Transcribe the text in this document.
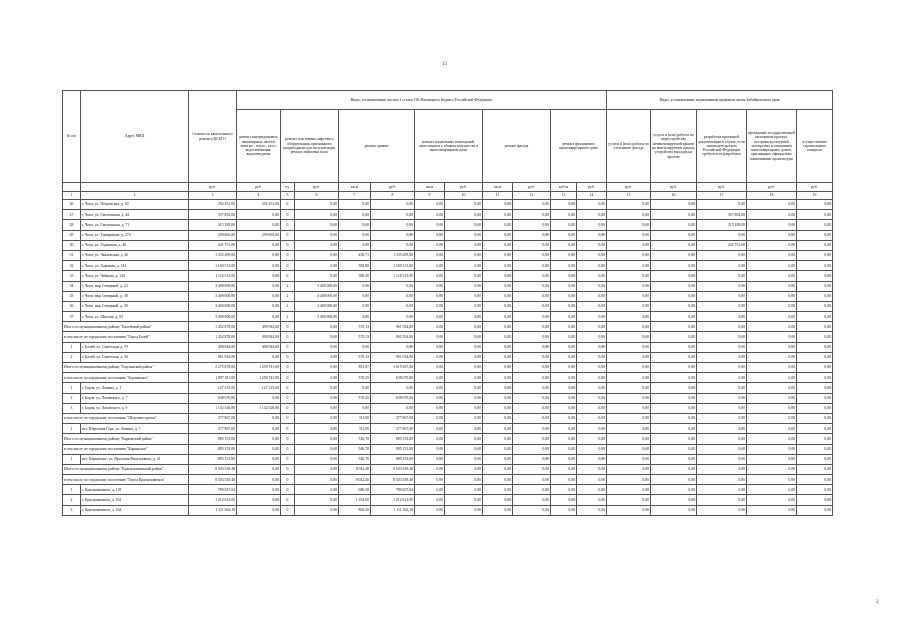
13
№ п/п	Адрес МКД	Стоимость капитального ремонта ВСЕГО	Виды, установленные частью 1 статьи 166 Жилищного Кодекса Российской Федерации											Виды, установленные нормативным правовым актом Забайкальского края				
			ремонт внутридомовых инженерных систем электро-, тепло-, газо-, водоснабжения, водоотведения	ремонт или замена лифтового оборудования, признанного непригодным для эксплуатации, ремонт лифтовых шахт		ремонт крыши		ремонт подвальных помещений, относящихся к общему имуществу в многоквартирном доме		ремонт фасада		ремонт фундамента многоквартирного дома		услуги и (или) работы по утеплению фасада	услуги и (или) работы по переустройству невентилируемой крыши на вентилируемую крышу, устройство выходов на кровлю	разработка проектной документации в случае, если законодательством Российской Федерации требуется ее разработка	проведение государственной экспертизы проекта, историко-культурной экспертизы в отношении многоквартирных домов, признанных официально памятниками архитектуры	осуществление строительного контроля
		руб.	руб.	ед.	руб.	кв.м	руб.	кв.м	руб.	кв.м	руб.	куб.м	руб.	руб.	руб.	руб.	руб.	руб.
1	2	3	4	5	6	7	8	9	10	11	12	13	14	15	16	17	18	19
26	г. Чита, ул. Петровская, д. 40	292 251,00	292 251,00	0	0,00	0,00	0,00	0,00	0,00	0,00	0,00	0,00	0,00	0,00	0,00	0,00	0,00	0,00
27	г. Чита, ул. Смоленская, д. 44	357 892,00	0,00	0	0,00	0,00	0,00	0,00	0,00	0,00	0,00	0,00	0,00	0,00	0,00	357 892,00	0,00	0,00
28	г. Чита, ул. Смоленская, д. 71	315 189,00	0,00	0	0,00	0,00	0,00	0,00	0,00	0,00	0,00	0,00	0,00	0,00	0,00	315 189,00	0,00	0,00
29	г. Чита, ул. Тимирязева, д. 27б	290 665,00	290 665,00	0	0,00	0,00	0,00	0,00	0,00	0,00	0,00	0,00	0,00	0,00	0,00	0,00	0,00	0,00
30	г. Чита, ул. Угданская, д. 40	241 751,00	0,00	0	0,00	0,00	0,00	0,00	0,00	0,00	0,00	0,00	0,00	0,00	0,00	241 751,00	0,00	0,00
31	г. Чита, ул. Чкаловская, д. 40	1 335 209,00	0,00	0	0,00	450,71	1 335 209,00	0,00	0,00	0,00	0,00	0,00	0,00	0,00	0,00	0,00	0,00	0,00
32	г. Чита, ул. Хорошая, д. 143	1 169 513,00	0,00	0	0,00	583,80	1 169 513,00	0,00	0,00	0,00	0,00	0,00	0,00	0,00	0,00	0,00	0,00	0,00
33	г. Чита, ул. Чайкова, д. 145	1 116 513,00	0,00	0	0,00	580,30	1 116 513,00	0,00	0,00	0,00	0,00	0,00	0,00	0,00	0,00	0,00	0,00	0,00
34	г. Чита, мкр Северный, д. 23	3 400 000,00	0,00	2	3 400 000,00	0,00	0,00	0,00	0,00	0,00	0,00	0,00	0,00	0,00	0,00	0,00	0,00	0,00
35	г. Чита, мкр Северный, д. 38	3 400 000,00	0,00	2	3 400 000,00	0,00	0,00	0,00	0,00	0,00	0,00	0,00	0,00	0,00	0,00	0,00	0,00	0,00
36	г. Чита, мкр Северный, д. 39	3 400 000,00	0,00	2	3 400 000,00	0,00	0,00	0,00	0,00	0,00	0,00	0,00	0,00	0,00	0,00	0,00	0,00	0,00
37	г. Чита, ул. Шилова, д. 93	3 400 000,00	0,00	2	3 400 000,00	0,00	0,00	0,00	0,00	0,00	0,00	0,00	0,00	0,00	0,00	0,00	0,00	0,00
Итого по муниципальному району "Балейский район"		1 452 878,00	490 944,00	0	0,00	570,13	961 934,00	0,00	0,00	0,00	0,00	0,00	0,00	0,00	0,00	0,00	0,00	0,00
в том числе по городскому поселению "Город Балей"		1 452 878,00	490 944,00	0	0,00	570,13	961 934,00	0,00	0,00	0,00	0,00	0,00	0,00	0,00	0,00	0,00	0,00	0,00
1	г. Балей, ул. Советская, д. 55	490 944,00	490 944,00	0	0,00	0,00	0,00	0,00	0,00	0,00	0,00	0,00	0,00	0,00	0,00	0,00	0,00	0,00
2	г. Балей, ул. Советская, д. 56	961 934,00	0,00	0	0,00	570,13	961 934,00	0,00	0,00	0,00	0,00	0,00	0,00	0,00	0,00	0,00	0,00	0,00
Итого по муниципальному району "Борзинский район"		2 275 678,00	1 259 741,00	0	0,00	881,87	1 015 937,00	0,00	0,00	0,00	0,00	0,00	0,00	0,00	0,00	0,00	0,00	0,00
в том числе по городскому поселению "Борзинское"		1 897 811,00	1 259 741,00	0	0,00	570,25	638 070,00	0,00	0,00	0,00	0,00	0,00	0,00	0,00	0,00	0,00	0,00	0,00
1	г. Борзя, ул. Ленина, д. 1	127 215,00	127 215,00	0	0,00	0,00	0,00	0,00	0,00	0,00	0,00	0,00	0,00	0,00	0,00	0,00	0,00	0,00
2	г. Борзя, ул. Лазовского, д. 7	638 070,00	0,00	0	0,00	570,25	638 070,00	0,00	0,00	0,00	0,00	0,00	0,00	0,00	0,00	0,00	0,00	0,00
3	г. Борзя, ул. Лазовского, д. 9	1 132 526,00	1 132 526,00	0	0,00	0,00	0,00	0,00	0,00	0,00	0,00	0,00	0,00	0,00	0,00	0,00	0,00	0,00
в том числе по городскому поселению "Шерловогорское"		377 867,00	0,00	0	0,00	311,00	377 867,00	0,00	0,00	0,00	0,00	0,00	0,00	0,00	0,00	0,00	0,00	0,00
1	пгт. Шерловая Гора, ул. Ленина, д. 7	377 867,00	0,00	0	0,00	311,00	377 867,00	0,00	0,00	0,00	0,00	0,00	0,00	0,00	0,00	0,00	0,00	0,00
Итого по муниципальному району "Карымский район"		885 153,00	0,00	0	0,00	546,70	885 153,00	0,00	0,00	0,00	0,00	0,00	0,00	0,00	0,00	0,00	0,00	0,00
в том числе по городскому поселению "Карымское"		885 153,00	0,00	0	0,00	546,70	885 153,00	0,00	0,00	0,00	0,00	0,00	0,00	0,00	0,00	0,00	0,00	0,00
1	пгт. Карымское, ул. Ярослава Васильевича, д. 21	885 153,00	0,00	0	0,00	546,70	885 153,00	0,00	0,00	0,00	0,00	0,00	0,00	0,00	0,00	0,00	0,00	0,00
Итого по муниципальному району "Краснокаменский район"		8 503 539,48	0,00	0	0,00	8 042,40	8 503 539,48	0,00	0,00	0,00	0,00	0,00	0,00	0,00	0,00	0,00	0,00	0,00
в том числе по городскому поселению "Город Краснокаменск"		8 503 539,48	0,00	0	0,00	8 042,40	8 503 539,48	0,00	0,00	0,00	0,00	0,00	0,00	0,00	0,00	0,00	0,00	0,00
1	г. Краснокаменск, д. 118	789 657,04	0,00	0	0,00	686,50	789 657,04	0,00	0,00	0,00	0,00	0,00	0,00	0,00	0,00	0,00	0,00	0,00
2	г. Краснокаменск, д. 162	1 312 613,00	0,00	0	0,00	1 163,00	1 312 613,00	0,00	0,00	0,00	0,00	0,00	0,00	0,00	0,00	0,00	0,00	0,00
3	г. Краснокаменск, д. 164	1 111 362,18	0,00	0	0,00	865,50	1 111 362,18	0,00	0,00	0,00	0,00	0,00	0,00	0,00	0,00	0,00	0,00	0,00
2
